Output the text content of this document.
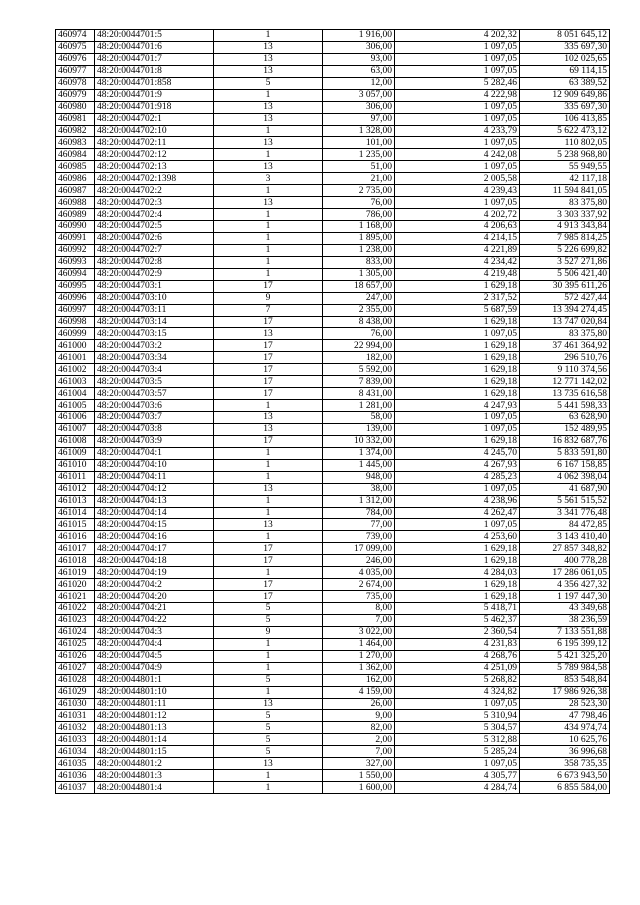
460974	48:20:0044701:5	1	1 916,00	4 202,32	8 051 645,12
460975	48:20:0044701:6	13	306,00	1 097,05	335 697,30
460976	48:20:0044701:7	13	93,00	1 097,05	102 025,65
460977	48:20:0044701:8	13	63,00	1 097,05	69 114,15
460978	48:20:0044701:858	5	12,00	5 282,46	63 389,52
460979	48:20:0044701:9	1	3 057,00	4 222,98	12 909 649,86
460980	48:20:0044701:918	13	306,00	1 097,05	335 697,30
460981	48:20:0044702:1	13	97,00	1 097,05	106 413,85
460982	48:20:0044702:10	1	1 328,00	4 233,79	5 622 473,12
460983	48:20:0044702:11	13	101,00	1 097,05	110 802,05
460984	48:20:0044702:12	1	1 235,00	4 242,08	5 238 968,80
460985	48:20:0044702:13	13	51,00	1 097,05	55 949,55
460986	48:20:0044702:1398	3	21,00	2 005,58	42 117,18
460987	48:20:0044702:2	1	2 735,00	4 239,43	11 594 841,05
460988	48:20:0044702:3	13	76,00	1 097,05	83 375,80
460989	48:20:0044702:4	1	786,00	4 202,72	3 303 337,92
460990	48:20:0044702:5	1	1 168,00	4 206,63	4 913 343,84
460991	48:20:0044702:6	1	1 895,00	4 214,15	7 985 814,25
460992	48:20:0044702:7	1	1 238,00	4 221,89	5 226 699,82
460993	48:20:0044702:8	1	833,00	4 234,42	3 527 271,86
460994	48:20:0044702:9	1	1 305,00	4 219,48	5 506 421,40
460995	48:20:0044703:1	17	18 657,00	1 629,18	30 395 611,26
460996	48:20:0044703:10	9	247,00	2 317,52	572 427,44
460997	48:20:0044703:11	7	2 355,00	5 687,59	13 394 274,45
460998	48:20:0044703:14	17	8 438,00	1 629,18	13 747 020,84
460999	48:20:0044703:15	13	76,00	1 097,05	83 375,80
461000	48:20:0044703:2	17	22 994,00	1 629,18	37 461 364,92
461001	48:20:0044703:34	17	182,00	1 629,18	296 510,76
461002	48:20:0044703:4	17	5 592,00	1 629,18	9 110 374,56
461003	48:20:0044703:5	17	7 839,00	1 629,18	12 771 142,02
461004	48:20:0044703:57	17	8 431,00	1 629,18	13 735 616,58
461005	48:20:0044703:6	1	1 281,00	4 247,93	5 441 598,33
461006	48:20:0044703:7	13	58,00	1 097,05	63 628,90
461007	48:20:0044703:8	13	139,00	1 097,05	152 489,95
461008	48:20:0044703:9	17	10 332,00	1 629,18	16 832 687,76
461009	48:20:0044704:1	1	1 374,00	4 245,70	5 833 591,80
461010	48:20:0044704:10	1	1 445,00	4 267,93	6 167 158,85
461011	48:20:0044704:11	1	948,00	4 285,23	4 062 398,04
461012	48:20:0044704:12	13	38,00	1 097,05	41 687,90
461013	48:20:0044704:13	1	1 312,00	4 238,96	5 561 515,52
461014	48:20:0044704:14	1	784,00	4 262,47	3 341 776,48
461015	48:20:0044704:15	13	77,00	1 097,05	84 472,85
461016	48:20:0044704:16	1	739,00	4 253,60	3 143 410,40
461017	48:20:0044704:17	17	17 099,00	1 629,18	27 857 348,82
461018	48:20:0044704:18	17	246,00	1 629,18	400 778,28
461019	48:20:0044704:19	1	4 035,00	4 284,03	17 286 061,05
461020	48:20:0044704:2	17	2 674,00	1 629,18	4 356 427,32
461021	48:20:0044704:20	17	735,00	1 629,18	1 197 447,30
461022	48:20:0044704:21	5	8,00	5 418,71	43 349,68
461023	48:20:0044704:22	5	7,00	5 462,37	38 236,59
461024	48:20:0044704:3	9	3 022,00	2 360,54	7 133 551,88
461025	48:20:0044704:4	1	1 464,00	4 231,83	6 195 399,12
461026	48:20:0044704:5	1	1 270,00	4 268,76	5 421 325,20
461027	48:20:0044704:9	1	1 362,00	4 251,09	5 789 984,58
461028	48:20:0044801:1	5	162,00	5 268,82	853 548,84
461029	48:20:0044801:10	1	4 159,00	4 324,82	17 986 926,38
461030	48:20:0044801:11	13	26,00	1 097,05	28 523,30
461031	48:20:0044801:12	5	9,00	5 310,94	47 798,46
461032	48:20:0044801:13	5	82,00	5 304,57	434 974,74
461033	48:20:0044801:14	5	2,00	5 312,88	10 625,76
461034	48:20:0044801:15	5	7,00	5 285,24	36 996,68
461035	48:20:0044801:2	13	327,00	1 097,05	358 735,35
461036	48:20:0044801:3	1	1 550,00	4 305,77	6 673 943,50
461037	48:20:0044801:4	1	1 600,00	4 284,74	6 855 584,00
